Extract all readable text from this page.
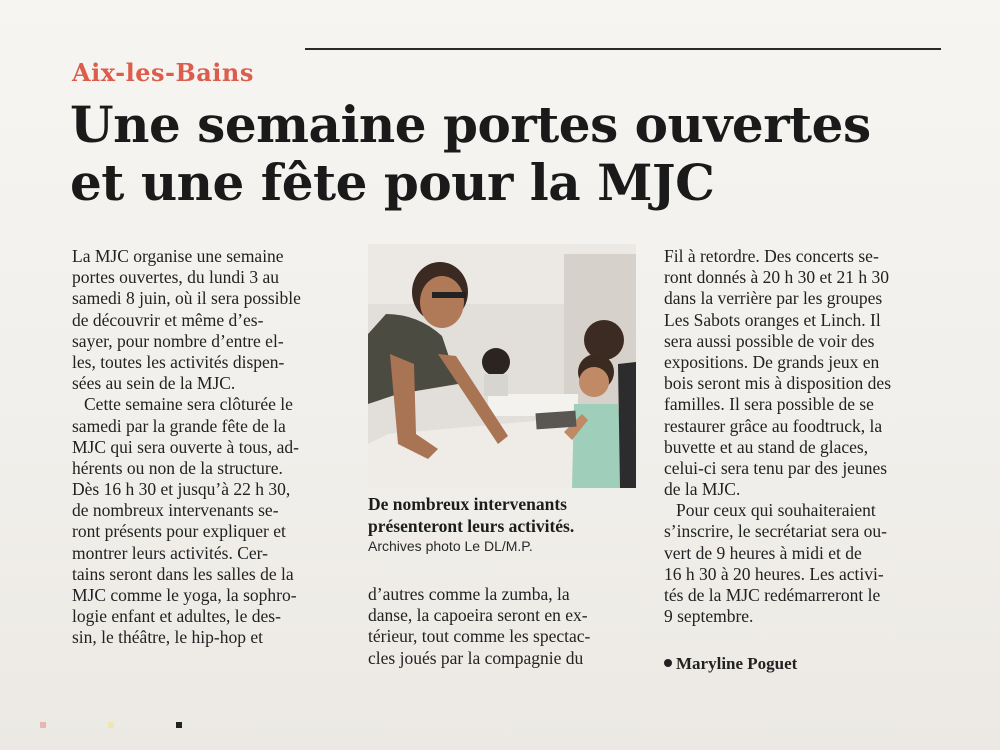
Aix-les-Bains
Une semaine portes ouvertes
et une fête pour la MJC
La MJC organise une semaine
portes ouvertes, du lundi 3 au
samedi 8 juin, où il sera possible
de découvrir et même d’es-
sayer, pour nombre d’entre el-
les, toutes les activités dispen-
sées au sein de la MJC.
Cette semaine sera clôturée le
samedi par la grande fête de la
MJC qui sera ouverte à tous, ad-
hérents ou non de la structure.
Dès 16 h 30 et jusqu’à 22 h 30,
de nombreux intervenants se-
ront présents pour expliquer et
montrer leurs activités. Cer-
tains seront dans les salles de la
MJC comme le yoga, la sophro-
logie enfant et adultes, le des-
sin, le théâtre, le hip-hop et
De nombreux intervenants
présenteront leurs activités.
Archives photo Le DL/M.P.
d’autres comme la zumba, la
danse, la capoeira seront en ex-
térieur, tout comme les spectac-
cles joués par la compagnie du
Fil à retordre. Des concerts se-
ront donnés à 20 h 30 et 21 h 30
dans la verrière par les groupes
Les Sabots oranges et Linch. Il
sera aussi possible de voir des
expositions. De grands jeux en
bois seront mis à disposition des
familles. Il sera possible de se
restaurer grâce au foodtruck, la
buvette et au stand de glaces,
celui-ci sera tenu par des jeunes
de la MJC.
Pour ceux qui souhaiteraient
s’inscrire, le secrétariat sera ou-
vert de 9 heures à midi et de
16 h 30 à 20 heures. Les activi-
tés de la MJC redémarreront le
9 septembre.
Maryline Poguet
